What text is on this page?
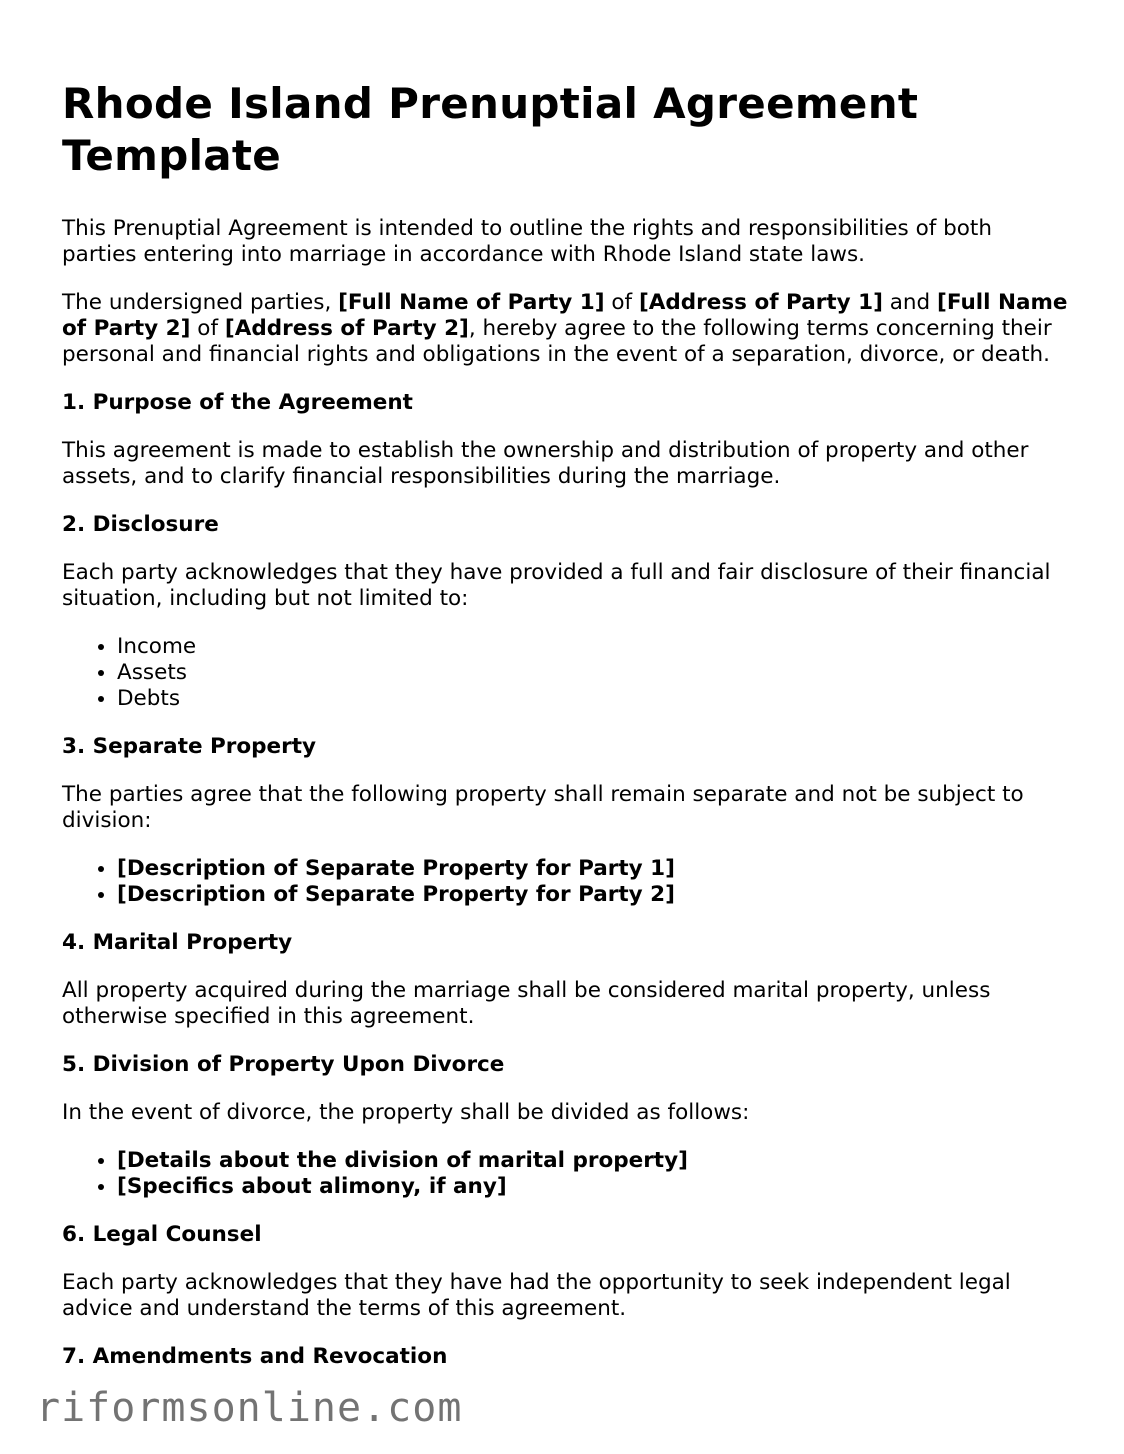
Rhode Island Prenuptial Agreement Template

This Prenuptial Agreement is intended to outline the rights and responsibilities of both parties entering into marriage in accordance with Rhode Island state laws.

The undersigned parties, [Full Name of Party 1] of [Address of Party 1] and [Full Name of Party 2] of [Address of Party 2], hereby agree to the following terms concerning their personal and financial rights and obligations in the event of a separation, divorce, or death.

1. Purpose of the Agreement

This agreement is made to establish the ownership and distribution of property and other assets, and to clarify financial responsibilities during the marriage.

2. Disclosure

Each party acknowledges that they have provided a full and fair disclosure of their financial situation, including but not limited to:

• Income
• Assets
• Debts
3. Separate Property

The parties agree that the following property shall remain separate and not be subject to division:

• [Description of Separate Property for Party 1]
• [Description of Separate Property for Party 2]
4. Marital Property

All property acquired during the marriage shall be considered marital property, unless otherwise specified in this agreement.

5. Division of Property Upon Divorce

In the event of divorce, the property shall be divided as follows:

• [Details about the division of marital property]
• [Specifics about alimony, if any]
6. Legal Counsel

Each party acknowledges that they have had the opportunity to seek independent legal advice and understand the terms of this agreement.

7. Amendments and Revocation
riformsonline.com
